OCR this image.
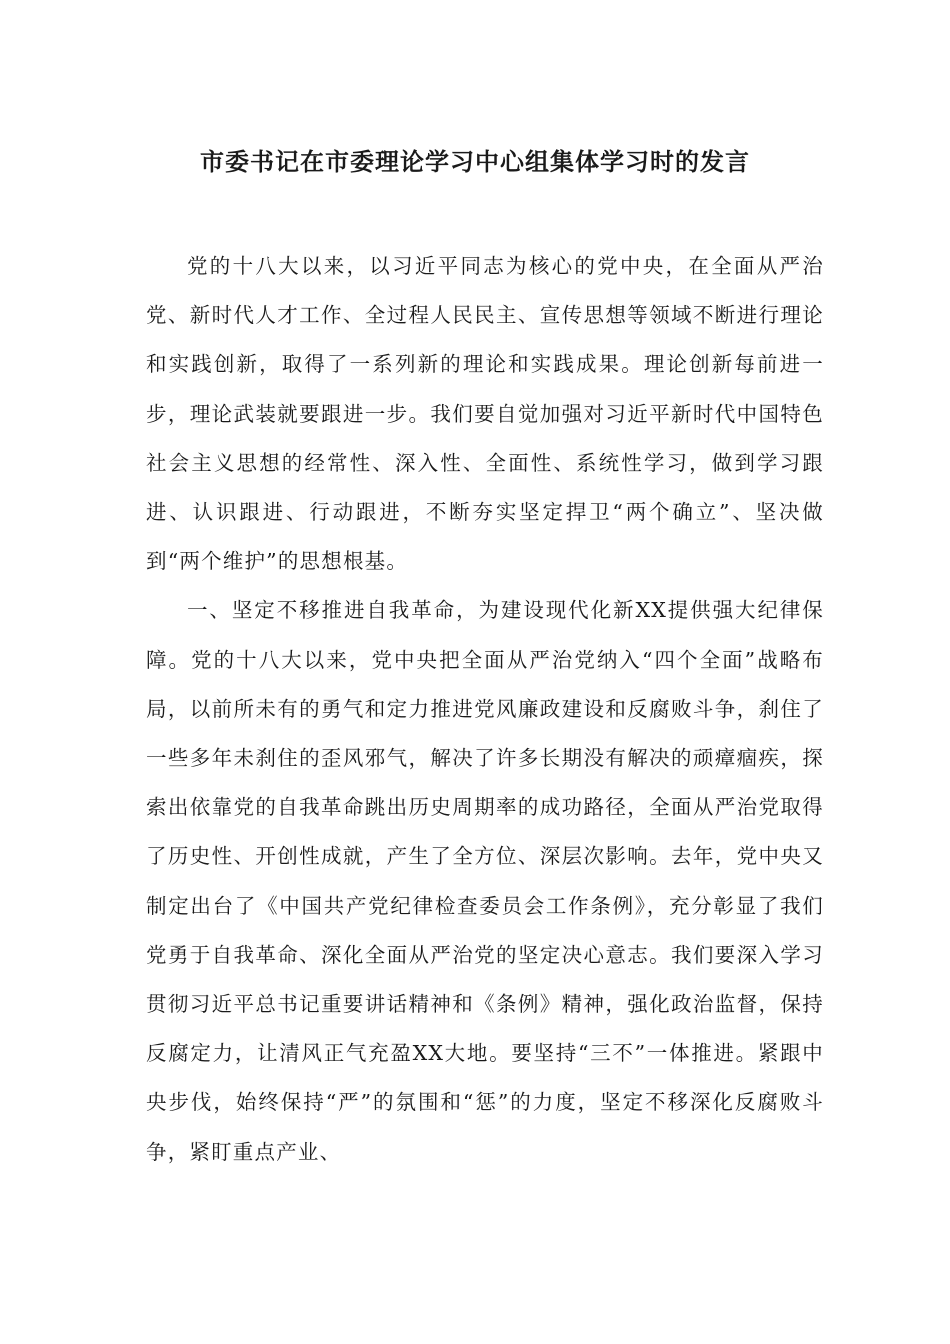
市委书记在市委理论学习中心组集体学习时的发言

党的十八大以来，以习近平同志为核心的党中央，在全面从严治党、新时代人才工作、全过程人民民主、宣传思想等领域不断进行理论和实践创新，取得了一系列新的理论和实践成果。理论创新每前进一步，理论武装就要跟进一步。我们要自觉加强对习近平新时代中国特色社会主义思想的经常性、深入性、全面性、系统性学习，做到学习跟进、认识跟进、行动跟进，不断夯实坚定捍卫“两个确立”、坚决做到“两个维护”的思想根基。

一、坚定不移推进自我革命，为建设现代化新XX提供强大纪律保障。党的十八大以来，党中央把全面从严治党纳入“四个全面”战略布局，以前所未有的勇气和定力推进党风廉政建设和反腐败斗争，刹住了一些多年未刹住的歪风邪气，解决了许多长期没有解决的顽瘴痼疾，探索出依靠党的自我革命跳出历史周期率的成功路径，全面从严治党取得了历史性、开创性成就，产生了全方位、深层次影响。去年，党中央又制定出台了《中国共产党纪律检查委员会工作条例》，充分彰显了我们党勇于自我革命、深化全面从严治党的坚定决心意志。我们要深入学习贯彻习近平总书记重要讲话精神和《条例》精神，强化政治监督，保持反腐定力，让清风正气充盈XX大地。要坚持“三不”一体推进。紧跟中央步伐，始终保持“严”的氛围和“惩”的力度，坚定不移深化反腐败斗争，紧盯重点产业、
